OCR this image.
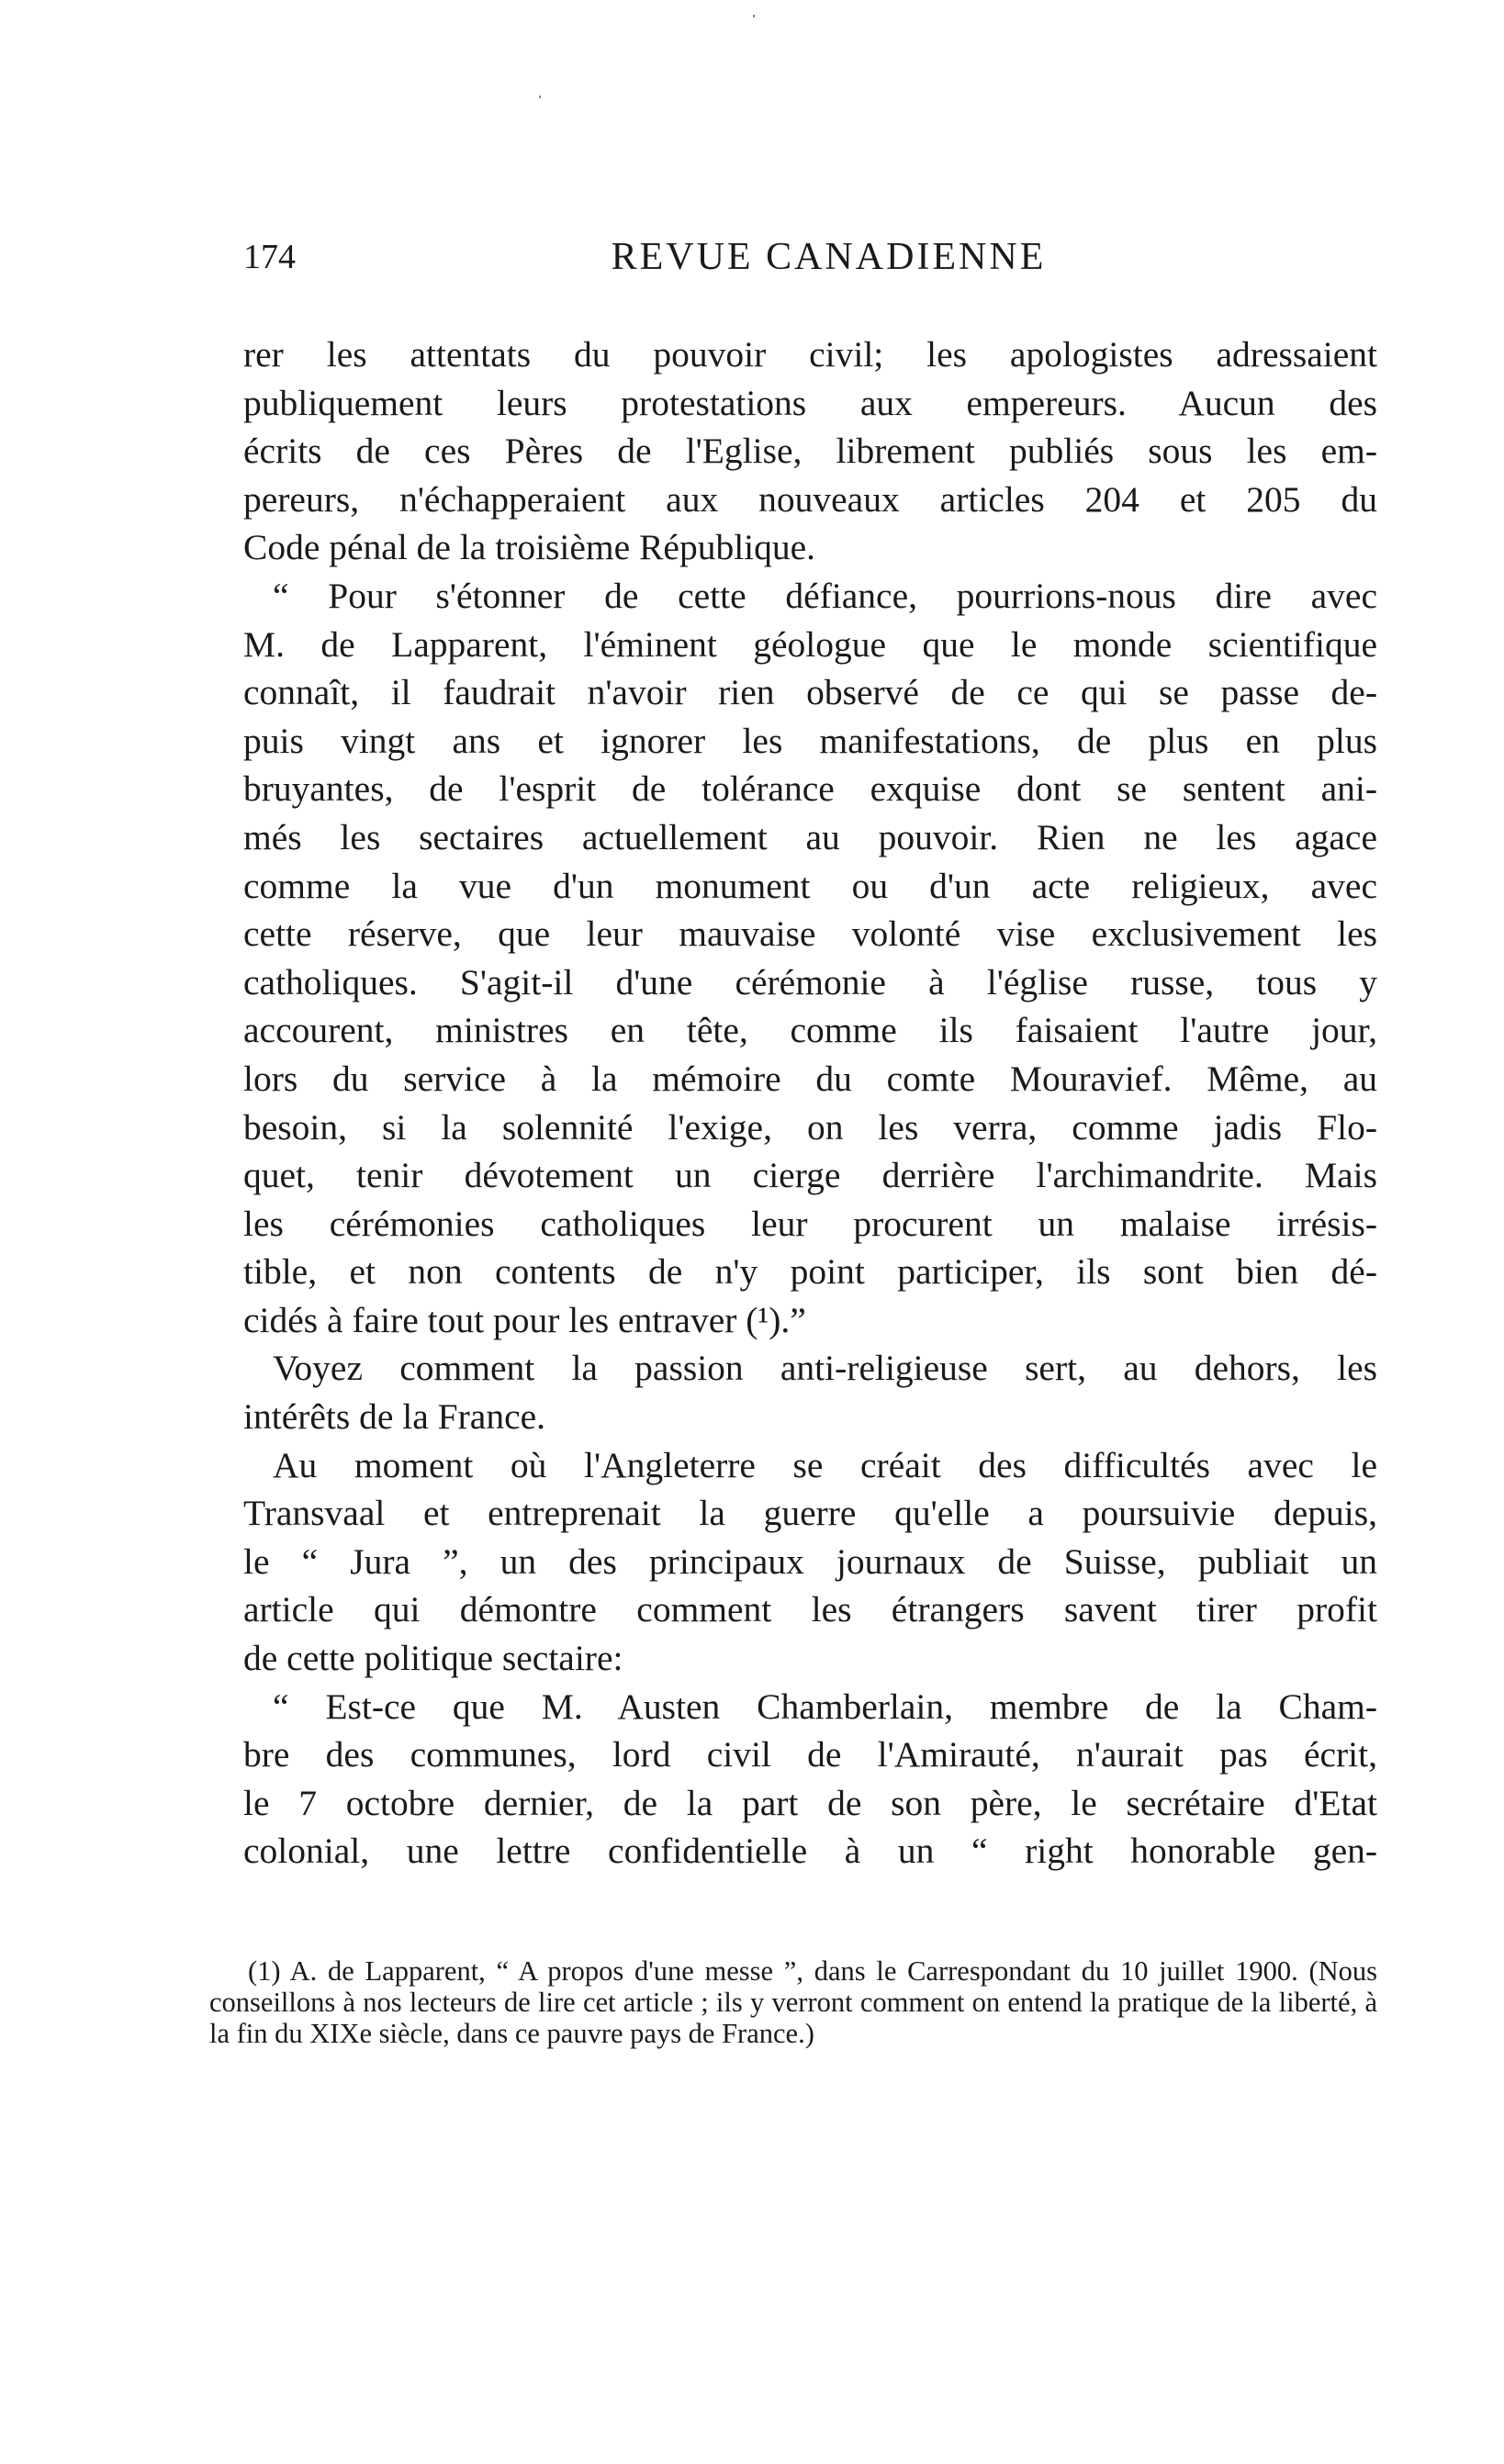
174	REVUE CANADIENNE

rer les attentats du pouvoir civil; les apologistes adressaient

publiquement leurs protestations aux empereurs. Aucun des

écrits de ces Pères de l'Eglise, librement publiés sous les em-

pereurs, n'échapperaient aux nouveaux articles 204 et 205 du

Code pénal de la troisième République.

“ Pour s'étonner de cette défiance, pourrions-nous dire avec

M. de Lapparent, l'éminent géologue que le monde scientifique

connaît, il faudrait n'avoir rien observé de ce qui se passe de-

puis vingt ans et ignorer les manifestations, de plus en plus

bruyantes, de l'esprit de tolérance exquise dont se sentent ani-

més les sectaires actuellement au pouvoir. Rien ne les agace

comme la vue d'un monument ou d'un acte religieux, avec

cette réserve, que leur mauvaise volonté vise exclusivement les

catholiques. S'agit-il d'une cérémonie à l'église russe, tous y

accourent, ministres en tête, comme ils faisaient l'autre jour,

lors du service à la mémoire du comte Mouravief. Même, au

besoin, si la solennité l'exige, on les verra, comme jadis Flo-

quet, tenir dévotement un cierge derrière l'archimandrite. Mais

les cérémonies catholiques leur procurent un malaise irrésis-

tible, et non contents de n'y point participer, ils sont bien dé-

cidés à faire tout pour les entraver (¹).”

Voyez comment la passion anti-religieuse sert, au dehors, les

intérêts de la France.

Au moment où l'Angleterre se créait des difficultés avec le

Transvaal et entreprenait la guerre qu'elle a poursuivie depuis,

le “ Jura ”, un des principaux journaux de Suisse, publiait un

article qui démontre comment les étrangers savent tirer profit

de cette politique sectaire:

“ Est-ce que M. Austen Chamberlain, membre de la Cham-

bre des communes, lord civil de l'Amirauté, n'aurait pas écrit,

le 7 octobre dernier, de la part de son père, le secrétaire d'Etat

colonial, une lettre confidentielle à un “ right honorable gen-

(1) A. de Lapparent, “ A propos d'une messe ”, dans le Carrespondant du 10 juillet 1900. (Nous conseillons à nos lecteurs de lire cet article ; ils y verront comment on entend la pratique de la liberté, à la fin du XIXe siècle, dans ce pauvre pays de France.)
